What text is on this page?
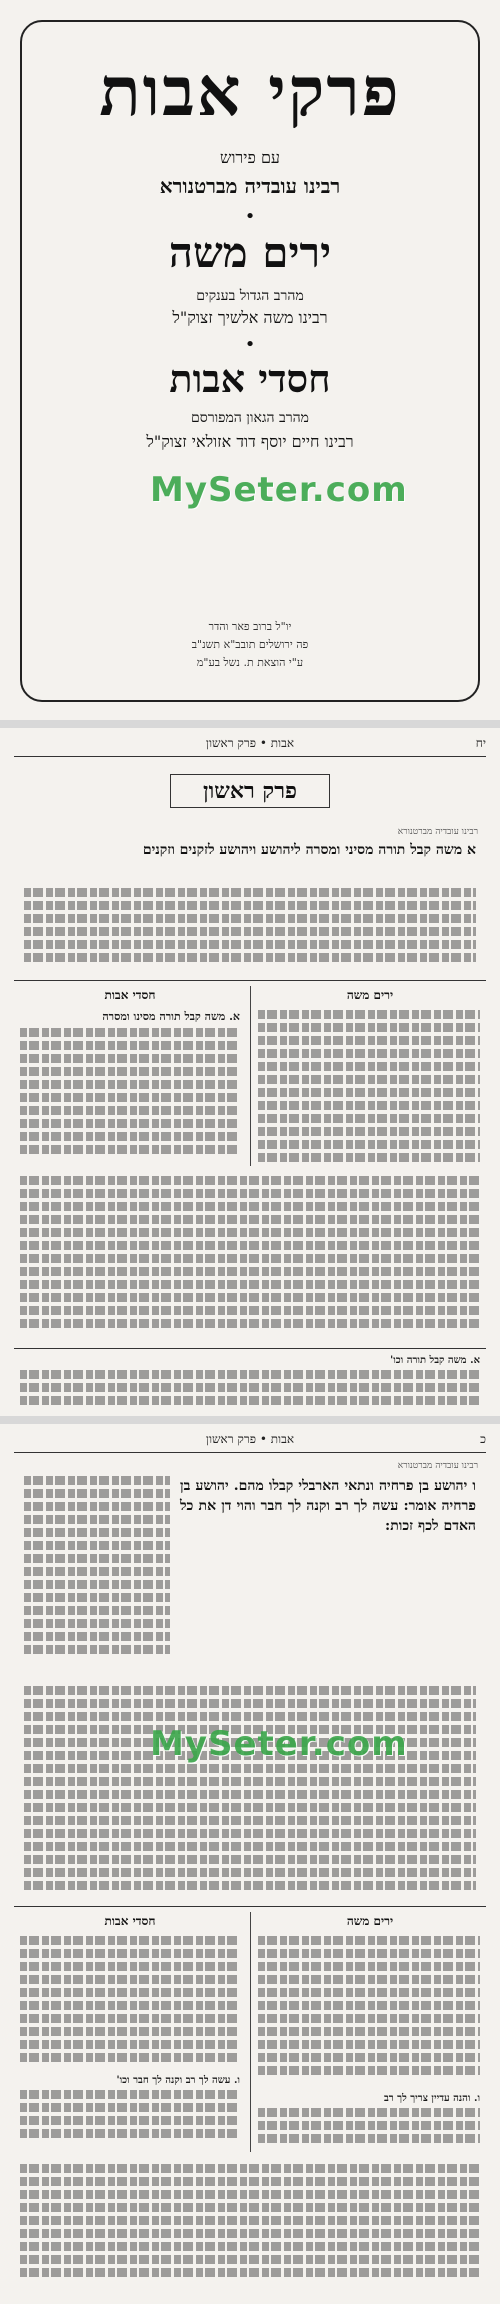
פרקי אבות
עם פירוש
רבינו עובדיה מברטנורא
•
ירים משה
מהרב הגדול בענקים
רבינו משה אלשיך זצוק"ל
•
חסדי אבות
מהרב הגאון המפורסם
רבינו חיים יוסף דוד אזולאי זצוק"ל
MySeter.com
יו"ל ברוב פאר והדר
פה ירושלים תובב"א תשנ"ב
ע"י הוצאת ת. נשל בע"מ
יח
אבות • פרק ראשון
פרק ראשון
רבינו עובדיה מברטנורא
א משה קבל תורה מסיני ומסרה ליהושע ויהושע לזקנים וזקנים
ירים משה
חסדי אבות
א. משה קבל תורה מסינו ומסרה
א. משה קבל תורה וכו'
כ
אבות • פרק ראשון
רבינו עובדיה מברטנורא
ו יהושע בן פרחיה ונתאי הארבלי קבלו מהם. יהושע בן פרחיה אומר: עשה לך רב וקנה לך חבר והוי דן את כל האדם לכף זכות:
MySeter.com
ירים משה
חסדי אבות
ו. והנה עדיין צריך לך רב
ו. עשה לך רב וקנה לך חבר וכו'
